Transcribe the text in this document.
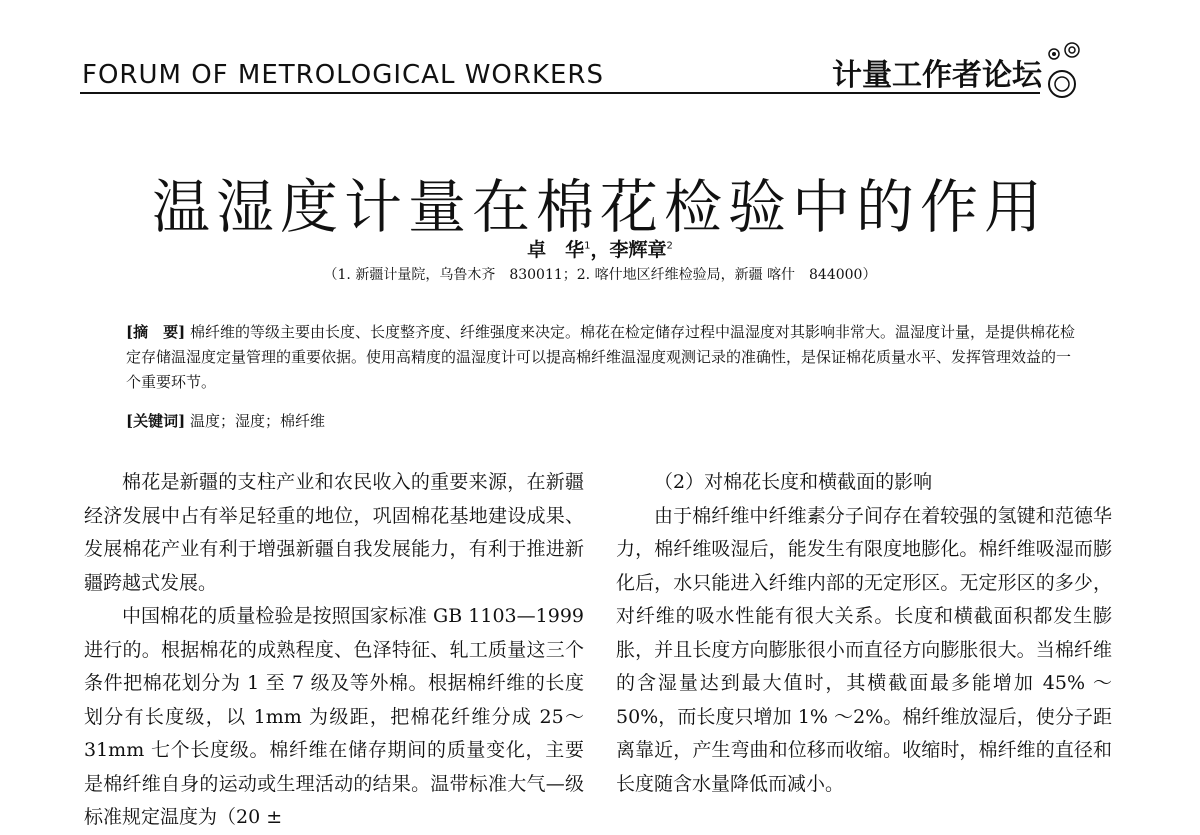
FORUM OF METROLOGICAL WORKERS	计量工作者论坛
温湿度计量在棉花检验中的作用
卓　华$^1$，李辉章$^2$
（1. 新疆计量院，乌鲁木齐　830011；2. 喀什地区纤维检验局，新疆 喀什　844000）
[摘　要] 棉纤维的等级主要由长度、长度整齐度、纤维强度来决定。棉花在检定储存过程中温湿度对其影响非常大。温湿度计量，是提供棉花检定存储温湿度定量管理的重要依据。使用高精度的温湿度计可以提高棉纤维温湿度观测记录的准确性，是保证棉花质量水平、发挥管理效益的一个重要环节。
[关键词] 温度；湿度；棉纤维

棉花是新疆的支柱产业和农民收入的重要来源，在新疆经济发展中占有举足轻重的地位，巩固棉花基地建设成果、发展棉花产业有利于增强新疆自我发展能力，有利于推进新疆跨越式发展。

中国棉花的质量检验是按照国家标准 GB 1103—1999 进行的。根据棉花的成熟程度、色泽特征、轧工质量这三个条件把棉花划分为 1 至 7 级及等外棉。根据棉纤维的长度划分有长度级，以 1mm 为级距，把棉花纤维分成 25～31mm 七个长度级。棉纤维在储存期间的质量变化，主要是棉纤维自身的运动或生理活动的结果。温带标准大气—级标准规定温度为（20 ±

（2）对棉花长度和横截面的影响

由于棉纤维中纤维素分子间存在着较强的氢键和范德华力，棉纤维吸湿后，能发生有限度地膨化。棉纤维吸湿而膨化后，水只能进入纤维内部的无定形区。无定形区的多少，对纤维的吸水性能有很大关系。长度和横截面积都发生膨胀，并且长度方向膨胀很小而直径方向膨胀很大。当棉纤维的含湿量达到最大值时，其横截面最多能增加 45% ～50%，而长度只增加 1% ～2%。棉纤维放湿后，使分子距离靠近，产生弯曲和位移而收缩。收缩时，棉纤维的直径和长度随含水量降低而减小。
